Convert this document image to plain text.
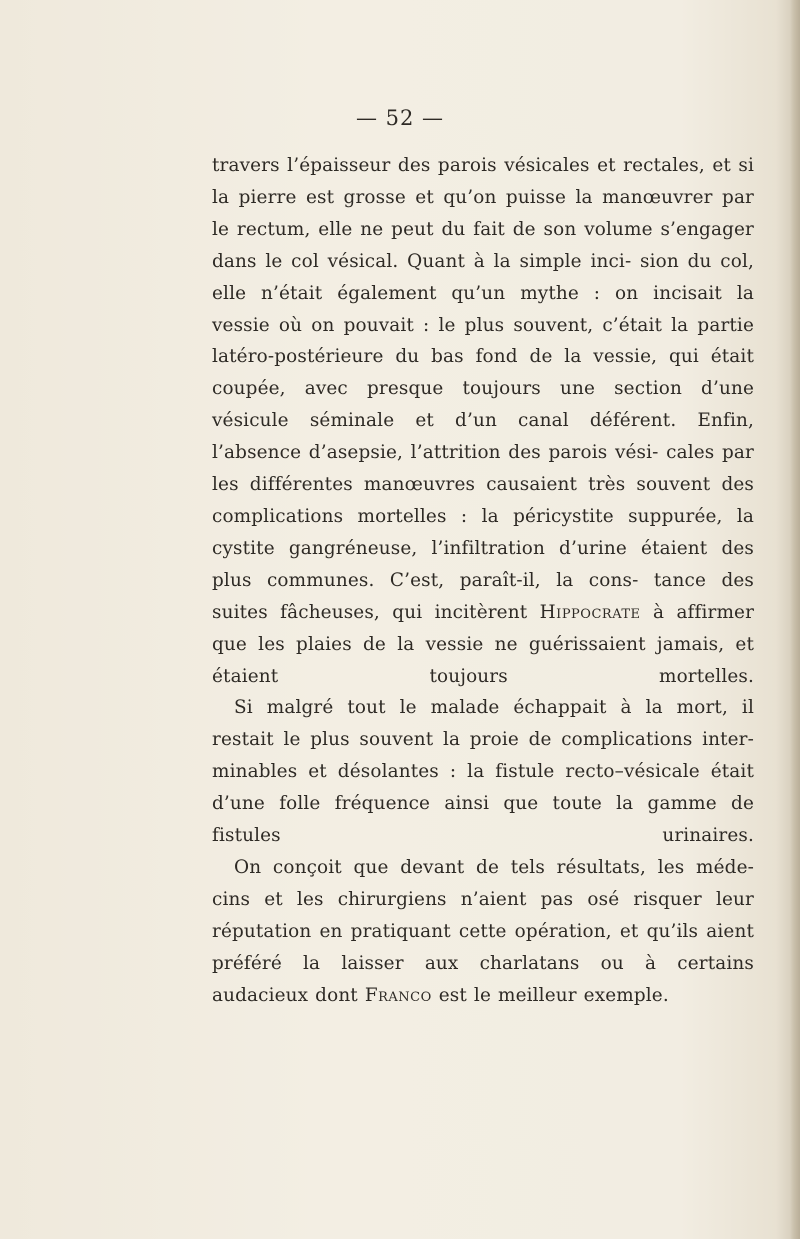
— 52 —

travers l’épaisseur des parois vésicales et rectales, et si la pierre est grosse et qu’on puisse la manœuvrer par le rectum, elle ne peut du fait de son volume s’engager dans le col vésical. Quant à la simple inci- sion du col, elle n’était également qu’un mythe : on incisait la vessie où on pouvait : le plus souvent, c’était la partie latéro-postérieure du bas fond de la vessie, qui était coupée, avec presque toujours une section d’une vésicule séminale et d’un canal déférent. Enfin, l’absence d’asepsie, l’attrition des parois vési- cales par les différentes manœuvres causaient très souvent des complications mortelles : la péricystite suppurée, la cystite gangréneuse, l’infiltration d’urine étaient des plus communes. C’est, paraît-il, la cons- tance des suites fâcheuses, qui incitèrent Hippocrate à affirmer que les plaies de la vessie ne guérissaient jamais, et étaient toujours mortelles.

Si malgré tout le malade échappait à la mort, il restait le plus souvent la proie de complications inter- minables et désolantes : la fistule recto–vésicale était d’une folle fréquence ainsi que toute la gamme de fistules urinaires.

On conçoit que devant de tels résultats, les méde- cins et les chirurgiens n’aient pas osé risquer leur réputation en pratiquant cette opération, et qu’ils aient préféré la laisser aux charlatans ou à certains audacieux dont Franco est le meilleur exemple.
